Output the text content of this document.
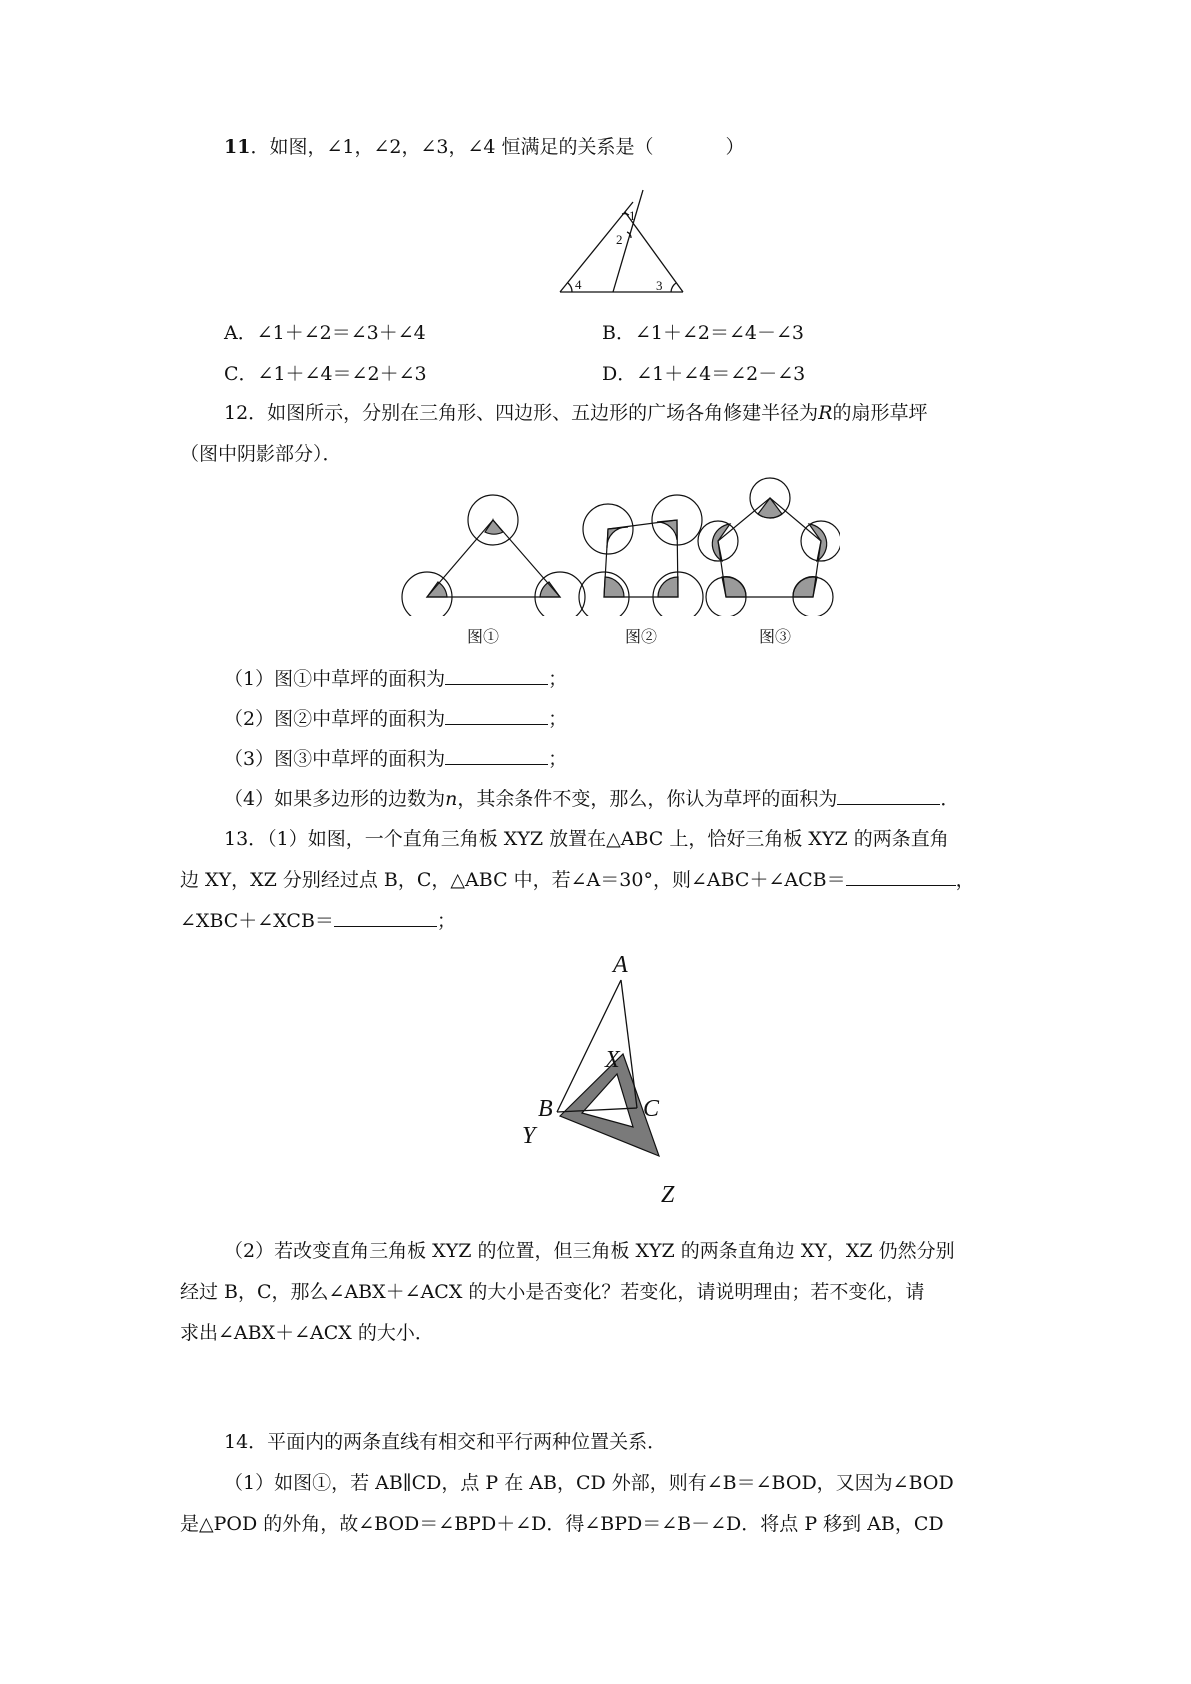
11．如图，∠1，∠2，∠3，∠4 恒满足的关系是（	）
1
2
3
4
A．∠1＋∠2＝∠3＋∠4	B．∠1＋∠2＝∠4－∠3
C．∠1＋∠4＝∠2＋∠3	D．∠1＋∠4＝∠2－∠3
12．如图所示，分别在三角形、四边形、五边形的广场各角修建半径为R的扇形草坪
（图中阴影部分）．
图①	图②	图③
（1）图①中草坪的面积为	；
（2）图②中草坪的面积为	；
（3）图③中草坪的面积为	；
（4）如果多边形的边数为n，其余条件不变，那么，你认为草坪的面积为	．
13．（1）如图，一个直角三角板 XYZ 放置在△ABC 上，恰好三角板 XYZ 的两条直角
边 XY，XZ 分别经过点 B，C，△ABC 中，若∠A＝30°，则∠ABC＋∠ACB＝	，
∠XBC＋∠XCB＝	；
A
B	C
X
Y
Z
（2）若改变直角三角板 XYZ 的位置，但三角板 XYZ 的两条直角边 XY，XZ 仍然分别
经过 B，C，那么∠ABX＋∠ACX 的大小是否变化？若变化，请说明理由；若不变化，请
求出∠ABX＋∠ACX 的大小．
14．平面内的两条直线有相交和平行两种位置关系．
（1）如图①，若 AB∥CD，点 P 在 AB，CD 外部，则有∠B＝∠BOD，又因为∠BOD
是△POD 的外角，故∠BOD＝∠BPD＋∠D．得∠BPD＝∠B－∠D．将点 P 移到 AB，CD
